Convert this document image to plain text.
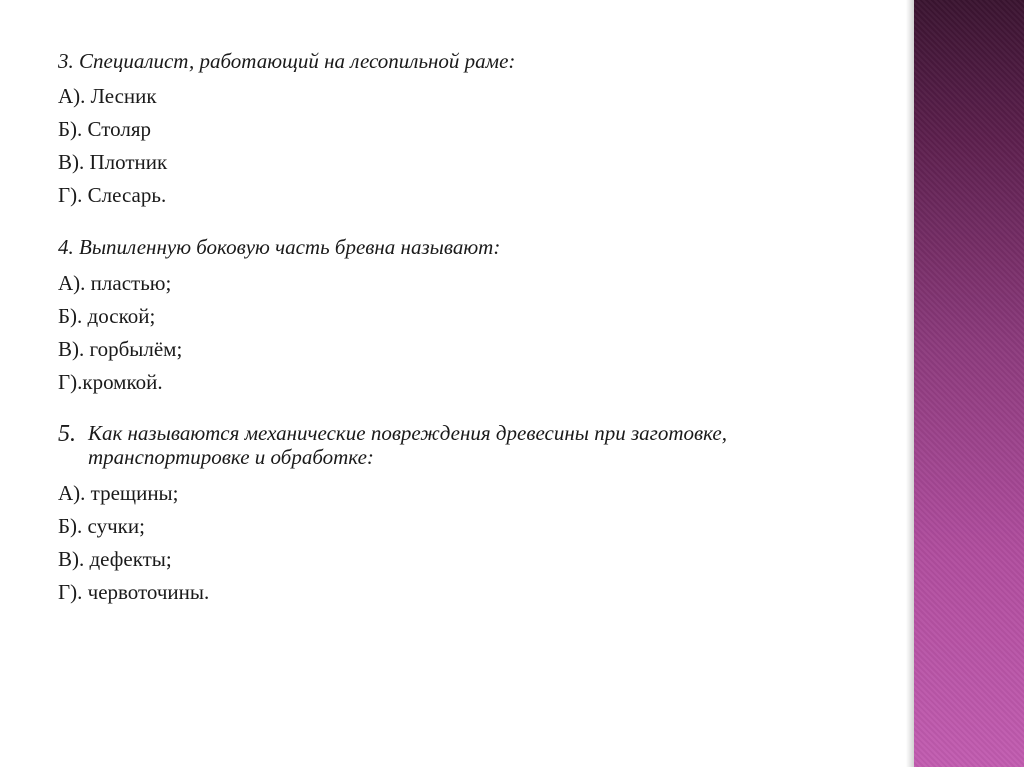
3. Специалист, работающий на лесопильной раме:

А). Лесник

Б). Столяр

В). Плотник

Г). Слесарь.

4. Выпиленную боковую часть бревна называют:

А). пластью;

Б). доской;

В). горбылём;

Г).кромкой.

5. Как называются механические повреждения древесины при заготовке, транспортировке и обработке:

А). трещины;

Б). сучки;

В). дефекты;

Г). червоточины.
